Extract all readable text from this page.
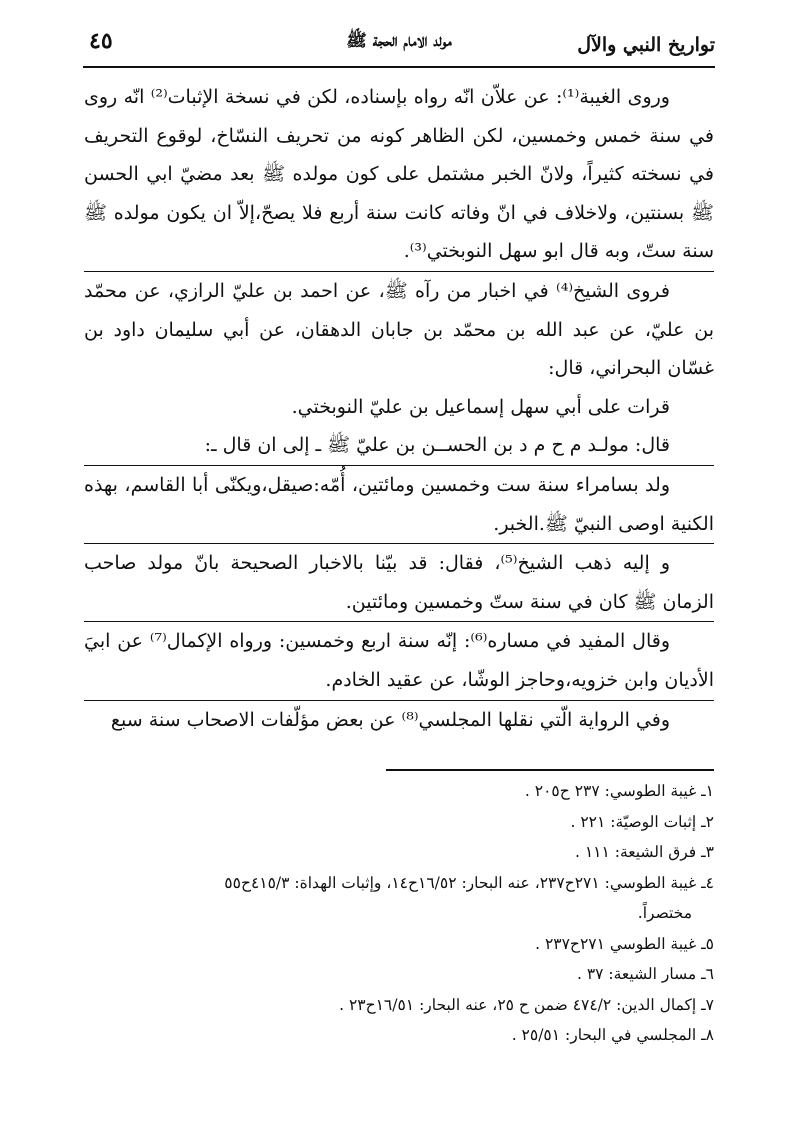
تواريخ النبي والآل
مولد الامام الحجة ﷺ
٤٥

وروى الغيبة⁽¹⁾: عن علاّن انّه رواه بإسناده، لكن في نسخة الإثبات⁽²⁾ انّه روى في سنة خمس وخمسين، لكن الظاهر كونه من تحريف النسّاخ، لوقوع التحريف في نسخته كثيراً، ولانّ الخبر مشتمل على كون مولده ﷺ بعد مضيّ ابي الحسن ﷺ بسنتين، ولاخلاف في انّ وفاته كانت سنة أربع فلا يصحّ،إلاّ ان يكون مولده ﷺ سنة ستّ، وبه قال ابو سهل النوبختي⁽³⁾.

فروى الشيخ⁽⁴⁾ في اخبار من رآه ﷺ، عن احمد بن عليّ الرازي، عن محمّد بن عليّ، عن عبد الله بن محمّد بن جابان الدهقان، عن أبي سليمان داود بن غسّان البحراني، قال:

قرات على أبي سهل إسماعيل بن عليّ النوبختي.

قال: مولـد م ح م د بن الحســن بن عليّ ﷺ ـ إلى ان قال ـ:

ولد بسامراء سنة ست وخمسين ومائتين، أُمّه:صيقل،ويكنّى أبا القاسم، بهذه الكنية اوصى النبيّ ﷺ.الخبر.

و إليه ذهب الشيخ⁽⁵⁾، فقال: قد بيّنا بالاخبار الصحيحة بانّ مولد صاحب الزمان ﷺ كان في سنة ستّ وخمسين ومائتين.

وقال المفيد في مساره⁽⁶⁾: إنّه سنة اربع وخمسين: ورواه الإكمال⁽⁷⁾ عن ابيَ الأديان وابن خزويه،وحاجز الوشّا، عن عقيد الخادم.

وفي الرواية الّتي نقلها المجلسي⁽⁸⁾ عن بعض مؤلّفات الاصحاب سنة سبع

١ـ غيبة الطوسي: ٢٣٧ ح٢٠٥ .

٢ـ إثبات الوصيّة: ٢٢١ .

٣ـ فرق الشيعة: ١١١ .

٤ـ غيبة الطوسي: ٢٧١ح٢٣٧، عنه البحار: ١٦/٥٢ح١٤، وإثبات الهداة: ٤١٥/٣ح٥٥

مختصراً.

٥ـ غيبة الطوسي ٢٧١ح٢٣٧ .

٦ـ مسار الشيعة: ٣٧ .

٧ـ إكمال الدين: ٤٧٤/٢ ضمن ح ٢٥، عنه البحار: ١٦/٥١ح٢٣ .

٨ـ المجلسي في البحار: ٢٥/٥١ .
